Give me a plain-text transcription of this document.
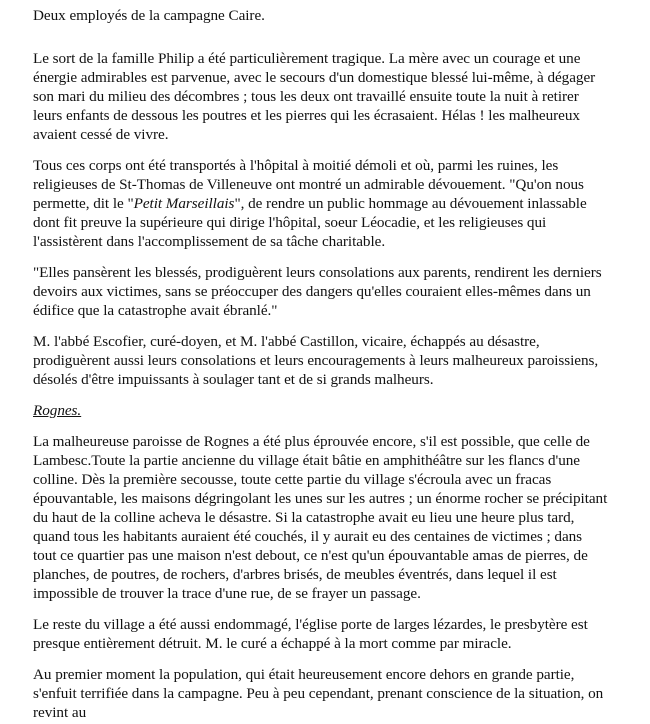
Deux employés de la campagne Caire.
Le sort de la famille Philip a été particulièrement tragique. La mère avec un courage et une
énergie admirables est parvenue, avec le secours d'un domestique blessé lui-même, à dégager
son mari du milieu des décombres ; tous les deux ont travaillé ensuite toute la nuit à retirer
leurs enfants de dessous les poutres et les pierres qui les écrasaient. Hélas ! les malheureux
avaient cessé de vivre.
Tous ces corps ont été transportés à l'hôpital à moitié démoli et où, parmi les ruines, les
religieuses de St-Thomas de Villeneuve ont montré un admirable dévouement. "Qu'on nous
permette, dit le "Petit Marseillais", de rendre un public hommage au dévouement inlassable
dont fit preuve la supérieure qui dirige l'hôpital, soeur Léocadie, et les religieuses qui
l'assistèrent dans l'accomplissement de sa tâche charitable.
"Elles pansèrent les blessés, prodiguèrent leurs consolations aux parents, rendirent les derniers
devoirs aux victimes, sans se préoccuper des dangers qu'elles couraient elles-mêmes dans un
édifice que la catastrophe avait ébranlé."
M. l'abbé Escofier, curé-doyen, et M. l'abbé Castillon, vicaire, échappés au désastre,
prodiguèrent aussi leurs consolations et leurs encouragements à leurs malheureux paroissiens,
désolés d'être impuissants à soulager tant et de si grands malheurs.
Rognes.
La malheureuse paroisse de Rognes a été plus éprouvée encore, s'il est possible, que celle de
Lambesc.Toute la partie ancienne du village était bâtie en amphithéâtre sur les flancs d'une
colline. Dès la première secousse, toute cette partie du village s'écroula avec un fracas
épouvantable, les maisons dégringolant les unes sur les autres ; un énorme rocher se précipitant
du haut de la colline acheva le désastre. Si la catastrophe avait eu lieu une heure plus tard,
quand tous les habitants auraient été couchés, il y aurait eu des centaines de victimes ; dans
tout ce quartier pas une maison n'est debout, ce n'est qu'un épouvantable amas de pierres, de
planches, de poutres, de rochers, d'arbres brisés, de meubles éventrés, dans lequel il est
impossible de trouver la trace d'une rue, de se frayer un passage.
Le reste du village a été aussi endommagé, l'église porte de larges lézardes, le presbytère est
presque entièrement détruit. M. le curé a échappé à la mort comme par miracle.
Au premier moment la population, qui était heureusement encore dehors en grande partie,
s'enfuit terrifiée dans la campagne. Peu à peu cependant, prenant conscience de la situation, on
revint au
